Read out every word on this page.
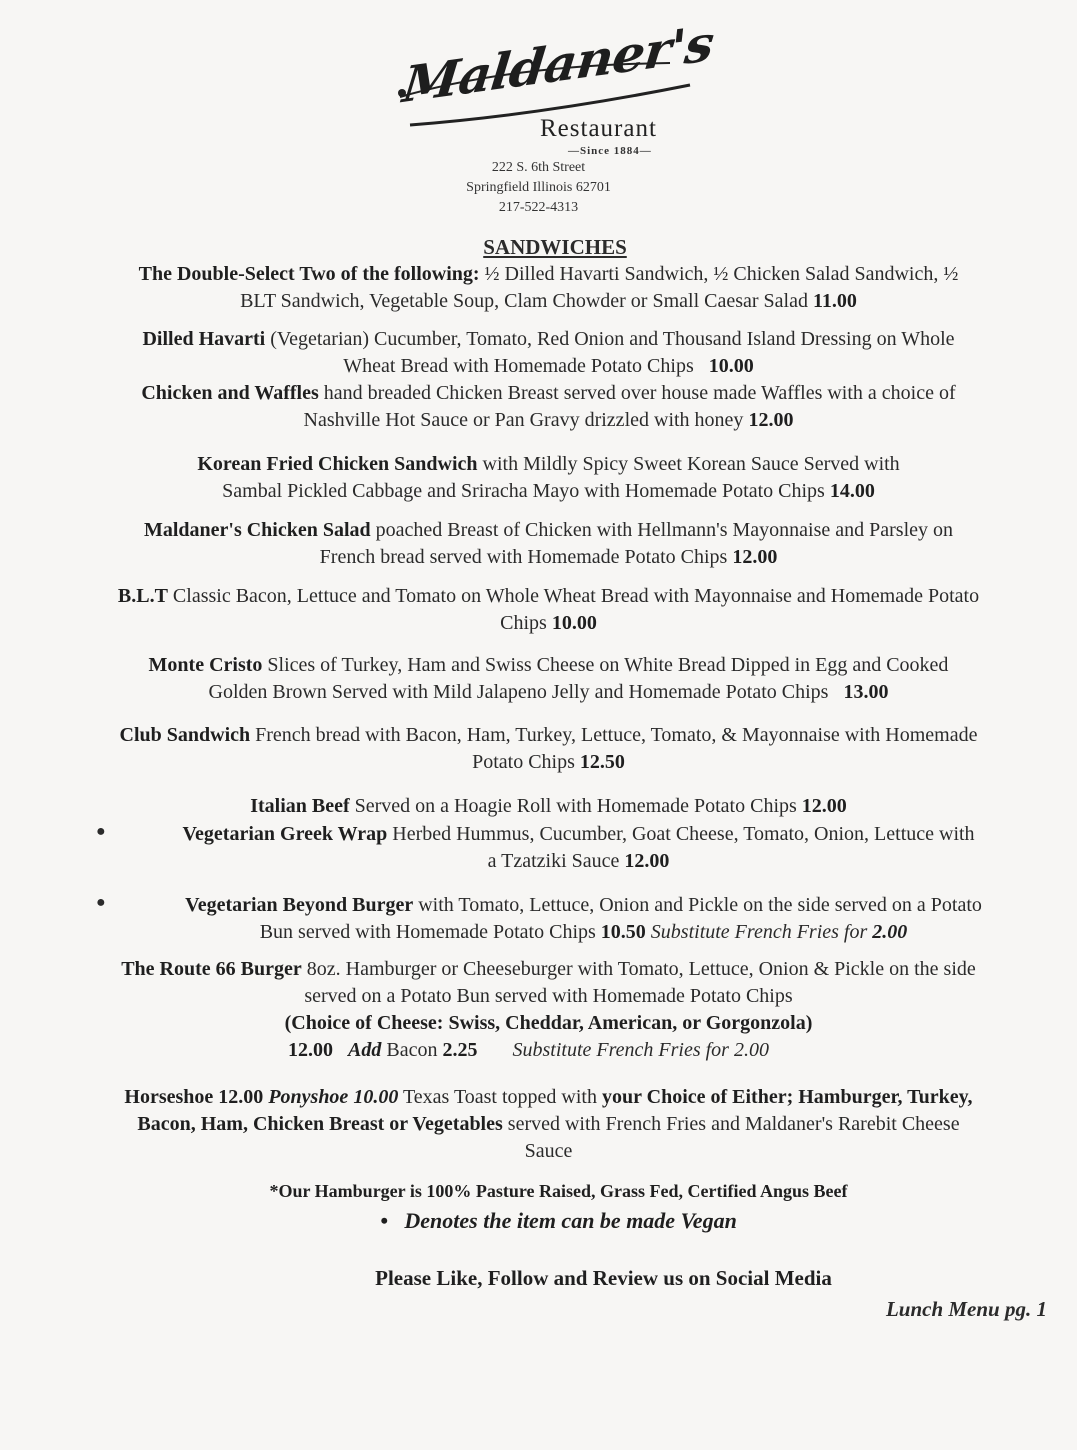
Maldaner's
Restaurant
—Since 1884—
222 S. 6th Street
Springfield Illinois 62701
217-522-4313
SANDWICHES
The Double-Select Two of the following: ½ Dilled Havarti Sandwich, ½ Chicken Salad Sandwich, ½
BLT Sandwich, Vegetable Soup, Clam Chowder or Small Caesar Salad 11.00
Dilled Havarti (Vegetarian) Cucumber, Tomato, Red Onion and Thousand Island Dressing on Whole
Wheat Bread with Homemade Potato Chips 10.00
Chicken and Waffles hand breaded Chicken Breast served over house made Waffles with a choice of
Nashville Hot Sauce or Pan Gravy drizzled with honey 12.00
Korean Fried Chicken Sandwich with Mildly Spicy Sweet Korean Sauce Served with
Sambal Pickled Cabbage and Sriracha Mayo with Homemade Potato Chips 14.00
Maldaner's Chicken Salad poached Breast of Chicken with Hellmann's Mayonnaise and Parsley on
French bread served with Homemade Potato Chips 12.00
B.L.T Classic Bacon, Lettuce and Tomato on Whole Wheat Bread with Mayonnaise and Homemade Potato
Chips 10.00
Monte Cristo Slices of Turkey, Ham and Swiss Cheese on White Bread Dipped in Egg and Cooked
Golden Brown Served with Mild Jalapeno Jelly and Homemade Potato Chips 13.00
Club Sandwich French bread with Bacon, Ham, Turkey, Lettuce, Tomato, & Mayonnaise with Homemade
Potato Chips 12.50
Italian Beef Served on a Hoagie Roll with Homemade Potato Chips 12.00
●	Vegetarian Greek Wrap Herbed Hummus, Cucumber, Goat Cheese, Tomato, Onion, Lettuce with
a Tzatziki Sauce 12.00
●	Vegetarian Beyond Burger with Tomato, Lettuce, Onion and Pickle on the side served on a Potato
Bun served with Homemade Potato Chips 10.50 Substitute French Fries for 2.00
The Route 66 Burger 8oz. Hamburger or Cheeseburger with Tomato, Lettuce, Onion & Pickle on the side
served on a Potato Bun served with Homemade Potato Chips
(Choice of Cheese: Swiss, Cheddar, American, or Gorgonzola)
12.00 Add Bacon 2.25 Substitute French Fries for 2.00
Horseshoe 12.00 Ponyshoe 10.00 Texas Toast topped with your Choice of Either; Hamburger, Turkey,
Bacon, Ham, Chicken Breast or Vegetables served with French Fries and Maldaner's Rarebit Cheese
Sauce
*Our Hamburger is 100% Pasture Raised, Grass Fed, Certified Angus Beef
• Denotes the item can be made Vegan
Please Like, Follow and Review us on Social Media
Lunch Menu pg. 1
